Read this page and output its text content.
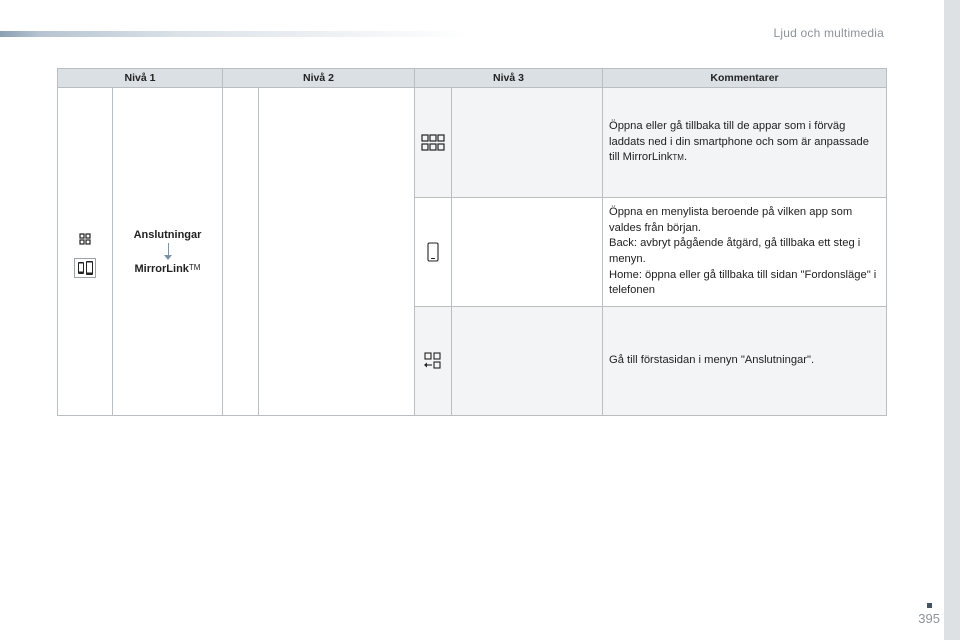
Ljud och multimedia
Nivå 1		Nivå 2		Nivå 3		Kommentarer

Anslutningar
MirrorLink™					Öppna eller gå tillbaka till de appar som i förväg laddats ned i din smartphone och som är anpassade till MirrorLink™.

Öppna en menylista beroende på vilken app som valdes från början.
Back: avbryt pågående åtgärd, gå tillbaka ett steg i menyn.
Home: öppna eller gå tillbaka till sidan "Fordonsläge" i telefonen

		Gå till förstasidan i menyn "Anslutningar".
395
